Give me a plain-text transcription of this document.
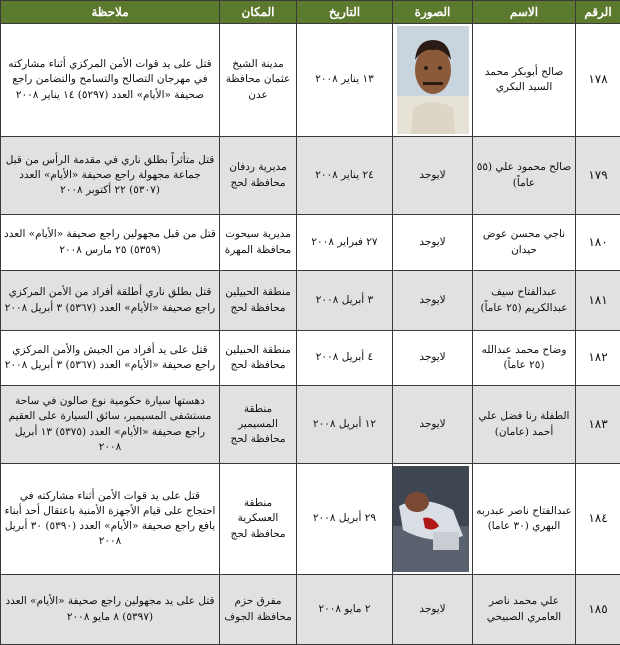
الرقم	الاسم	الصورة	التاريخ	المكان	ملاحظة
١٧٨	صالح أبوبكر محمد السيد البكري		١٣ يناير ٢٠٠٨	مدينة الشيخ عثمان محافظة عدن	قتل على يد قوات الأمن المركزي أثناء مشاركته في مهرجان التصالح والتسامح والتضامن راجع صحيفة «الأيام» العدد (٥٢٩٧) ١٤ يناير ٢٠٠٨
١٧٩	صالح محمود علي (٥٥ عاماً)	لايوجد	٢٤ يناير ٢٠٠٨	مديرية ردفان محافظة لحج	قتل متأثراً بطلق ناري في مقدمة الرأس من قبل جماعة مجهولة راجع صحيفة «الأيام» العدد (٥٣٠٧) ٢٢ أكتوبر ٢٠٠٨
١٨٠	ناجي محسن عوض حيدان	لايوجد	٢٧ فبراير ٢٠٠٨	مديرية سيحوت محافظة المهرة	قتل من قبل مجهولين راجع صحيفة «الأيام» العدد (٥٣٥٩) ٢٥ مارس ٢٠٠٨
١٨١	عبدالفتاح سيف عبدالكريم (٢٥ عاماً)	لايوجد	٣ أبريل ٢٠٠٨	منطقة الحبيلين محافظة لحج	قتل بطلق ناري أطلقة أفراد من الأمن المركزي راجع صحيفة «الأيام» العدد (٥٣٦٧) ٣ أبريل ٢٠٠٨
١٨٢	وضاح محمد عبدالله (٢٥ عاماً)	لايوجد	٤ أبريل ٢٠٠٨	منطقة الحبيلين محافظة لحج	قتل على يد أفراد من الجيش والأمن المركزي راجع صحيفة «الأيام» العدد (٥٣٦٧) ٣ أبريل ٢٠٠٨
١٨٣	الطفلة رنا فضل علي أحمد (عامان)	لايوجد	١٢ أبريل ٢٠٠٨	منطقة المسيمير محافظة لحج	دهستها سيارة حكومية نوع صالون في ساحة مستشفى المسيمير، سائق السيارة على العقيم راجع صحيفة «الأيام» العدد (٥٣٧٥) ١٣ أبريل ٢٠٠٨
١٨٤	عبدالفتاح ناصر عبدربه البهري (٣٠ عاما)		٢٩ أبريل ٢٠٠٨	منطقة العسكرية محافظة لحج	قتل على يد قوات الأمن أثناء مشاركته في احتجاج على قيام الأجهزة الأمنية باعتقال أحد أبناء يافع راجع صحيفة «الأيام» العدد (٥٣٩٠) ٣٠ أبريل ٢٠٠٨
١٨٥	علي محمد ناصر العامري الصبيحي	لايوجد	٢ مايو ٢٠٠٨	مفرق حزم محافظة الجوف	قتل على يد مجهولين راجع صحيفة «الأيام» العدد (٥٣٩٧) ٨ مايو ٢٠٠٨
